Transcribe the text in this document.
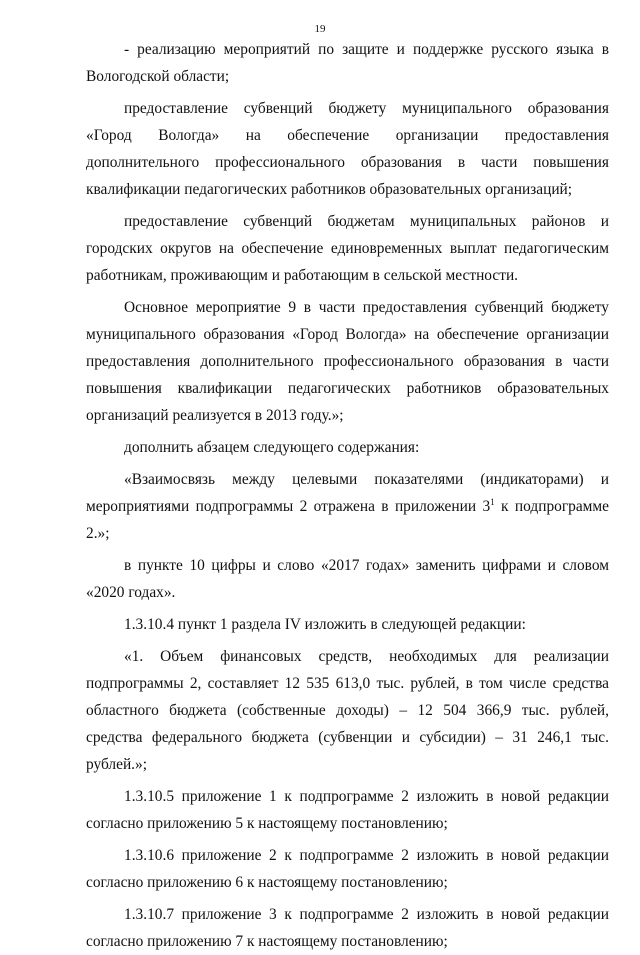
19

- реализацию мероприятий по защите и поддержке русского языка в Вологодской области;

предоставление субвенций бюджету муниципального образования «Город Вологда» на обеспечение организации предоставления дополнительного профессионального образования в части повышения квалификации педагогических работников образовательных организаций;

предоставление субвенций бюджетам муниципальных районов и городских округов на обеспечение единовременных выплат педагогическим работникам, проживающим и работающим в сельской местности.

Основное мероприятие 9 в части предоставления субвенций бюджету муниципального образования «Город Вологда» на обеспечение организации предоставления дополнительного профессионального образования в части повышения квалификации педагогических работников образовательных организаций реализуется в 2013 году.»;

дополнить абзацем следующего содержания:

«Взаимосвязь между целевыми показателями (индикаторами) и мероприятиями подпрограммы 2 отражена в приложении $3^1$ к подпрограмме 2.»;

в пункте 10 цифры и слово «2017 годах» заменить цифрами и словом «2020 годах».

1.3.10.4 пункт 1 раздела IV изложить в следующей редакции:

«1. Объем финансовых средств, необходимых для реализации подпрограммы 2, составляет 12 535 613,0 тыс. рублей, в том числе средства областного бюджета (собственные доходы) – 12 504 366,9 тыс. рублей, средства федерального бюджета (субвенции и субсидии) – 31 246,1 тыс. рублей.»;

1.3.10.5 приложение 1 к подпрограмме 2 изложить в новой редакции согласно приложению 5 к настоящему постановлению;

1.3.10.6 приложение 2 к подпрограмме 2 изложить в новой редакции согласно приложению 6 к настоящему постановлению;

1.3.10.7 приложение 3 к подпрограмме 2 изложить в новой редакции согласно приложению 7 к настоящему постановлению;
